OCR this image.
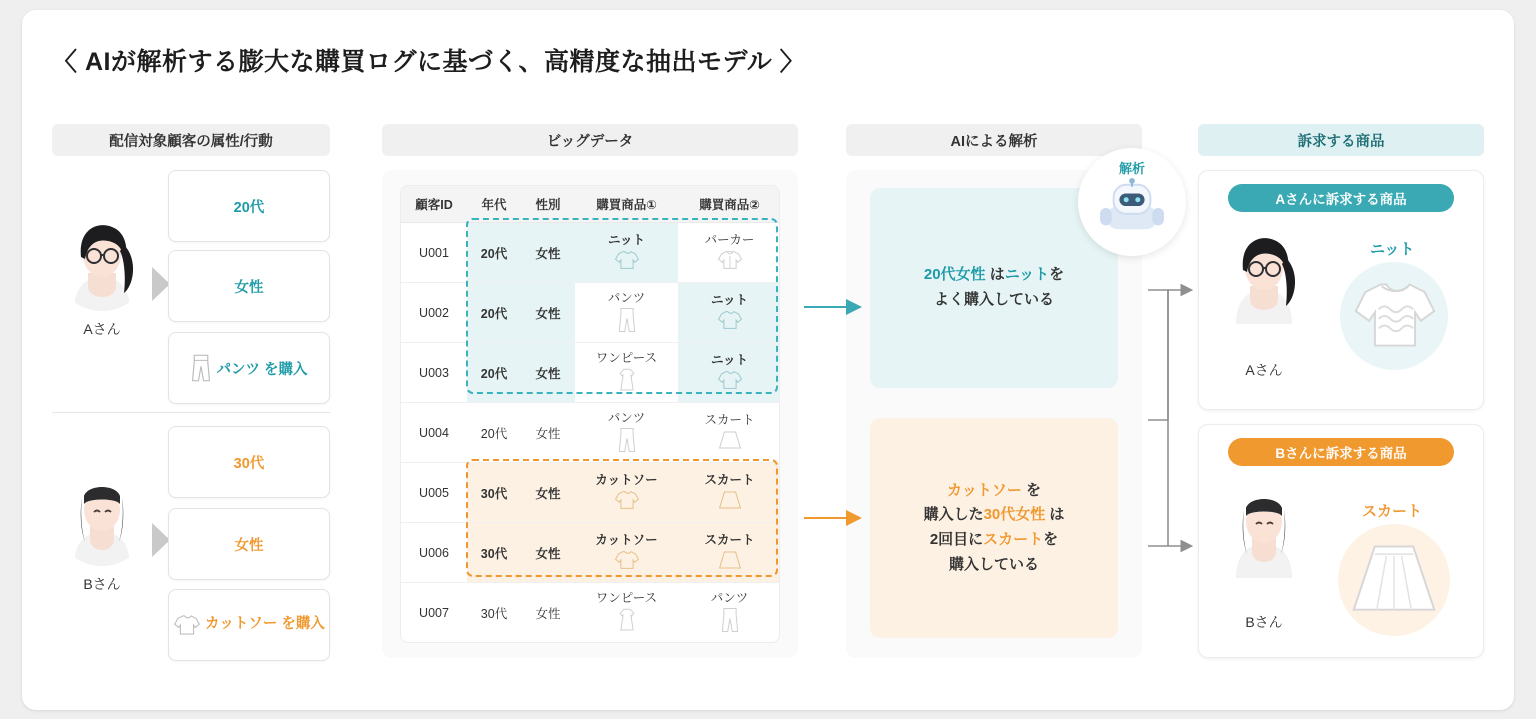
〈 AIが解析する膨大な購買ログに基づく、高精度な抽出モデル 〉
配信対象顧客の属性/行動	ビッグデータ	AIによる解析	訴求する商品
Aさん
20代
女性
パンツ を購入
Bさん
30代
女性
カットソー を購入
顧客ID	年代	性別	購買商品①	購買商品②
U001	20代	女性	ニット	パーカー

U002	20代	女性	パンツ	ニット

U003	20代	女性	ワンピース	ニット

U004	20代	女性	パンツ	スカート

U005	30代	女性	カットソー	スカート

U006	30代	女性	カットソー	スカート

U007	30代	女性	ワンピース	パンツ
20代女性 はニットを
よく購入している
カットソー を
購入した30代女性 は
2回目にスカートを
購入している
解析
Aさんに訴求する商品
Aさん
ニット
Bさんに訴求する商品
Bさん
スカート
